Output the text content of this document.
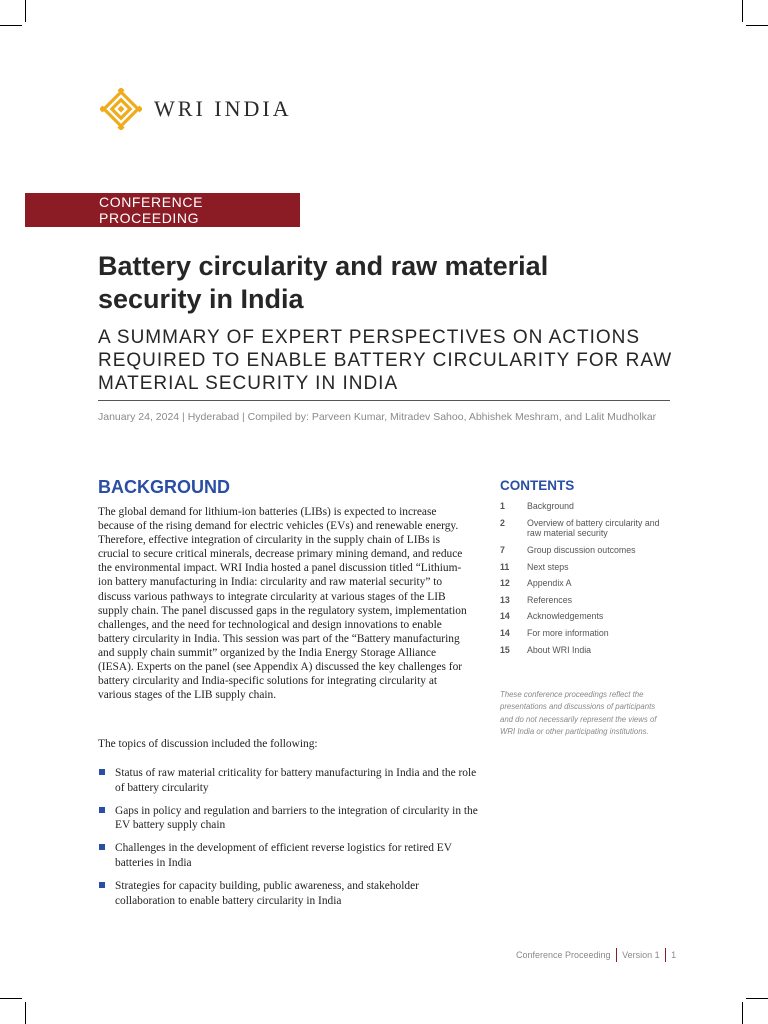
WRI INDIA
CONFERENCE PROCEEDING
Battery circularity and raw material security in India

A SUMMARY OF EXPERT PERSPECTIVES ON ACTIONS REQUIRED TO ENABLE BATTERY CIRCULARITY FOR RAW MATERIAL SECURITY IN INDIA

January 24, 2024 | Hyderabad | Compiled by: Parveen Kumar, Mitradev Sahoo, Abhishek Meshram, and Lalit Mudholkar
BACKGROUND

The global demand for lithium-ion batteries (LIBs) is expected to increase because of the rising demand for electric vehicles (EVs) and renewable energy. Therefore, effective integration of circularity in the supply chain of LIBs is crucial to secure critical minerals, decrease primary mining demand, and reduce the environmental impact. WRI India hosted a panel discussion titled “Lithium-ion battery manufacturing in India: circularity and raw material security” to discuss various pathways to integrate circularity at various stages of the LIB supply chain. The panel discussed gaps in the regulatory system, implementation challenges, and the need for technological and design innovations to enable battery circularity in India. This session was part of the “Battery manufacturing and supply chain summit” organized by the India Energy Storage Alliance (IESA). Experts on the panel (see Appendix A) discussed the key challenges for battery circularity and India-specific solutions for integrating circularity at various stages of the LIB supply chain.

The topics of discussion included the following:

Status of raw material criticality for battery manufacturing in India and the role of battery circularity
Gaps in policy and regulation and barriers to the integration of circularity in the EV battery supply chain
Challenges in the development of efficient reverse logistics for retired EV batteries in India
Strategies for capacity building, public awareness, and stakeholder collaboration to enable battery circularity in India
CONTENTS
1	Background
2	Overview of battery circularity and raw material security
7	Group discussion outcomes
11	Next steps
12	Appendix A
13	References
14	Acknowledgements
14	For more information
15	About WRI India

These conference proceedings reflect the presentations and discussions of participants and do not necessarily represent the views of WRI India or other participating institutions.

Conference Proceeding Version 1 1
